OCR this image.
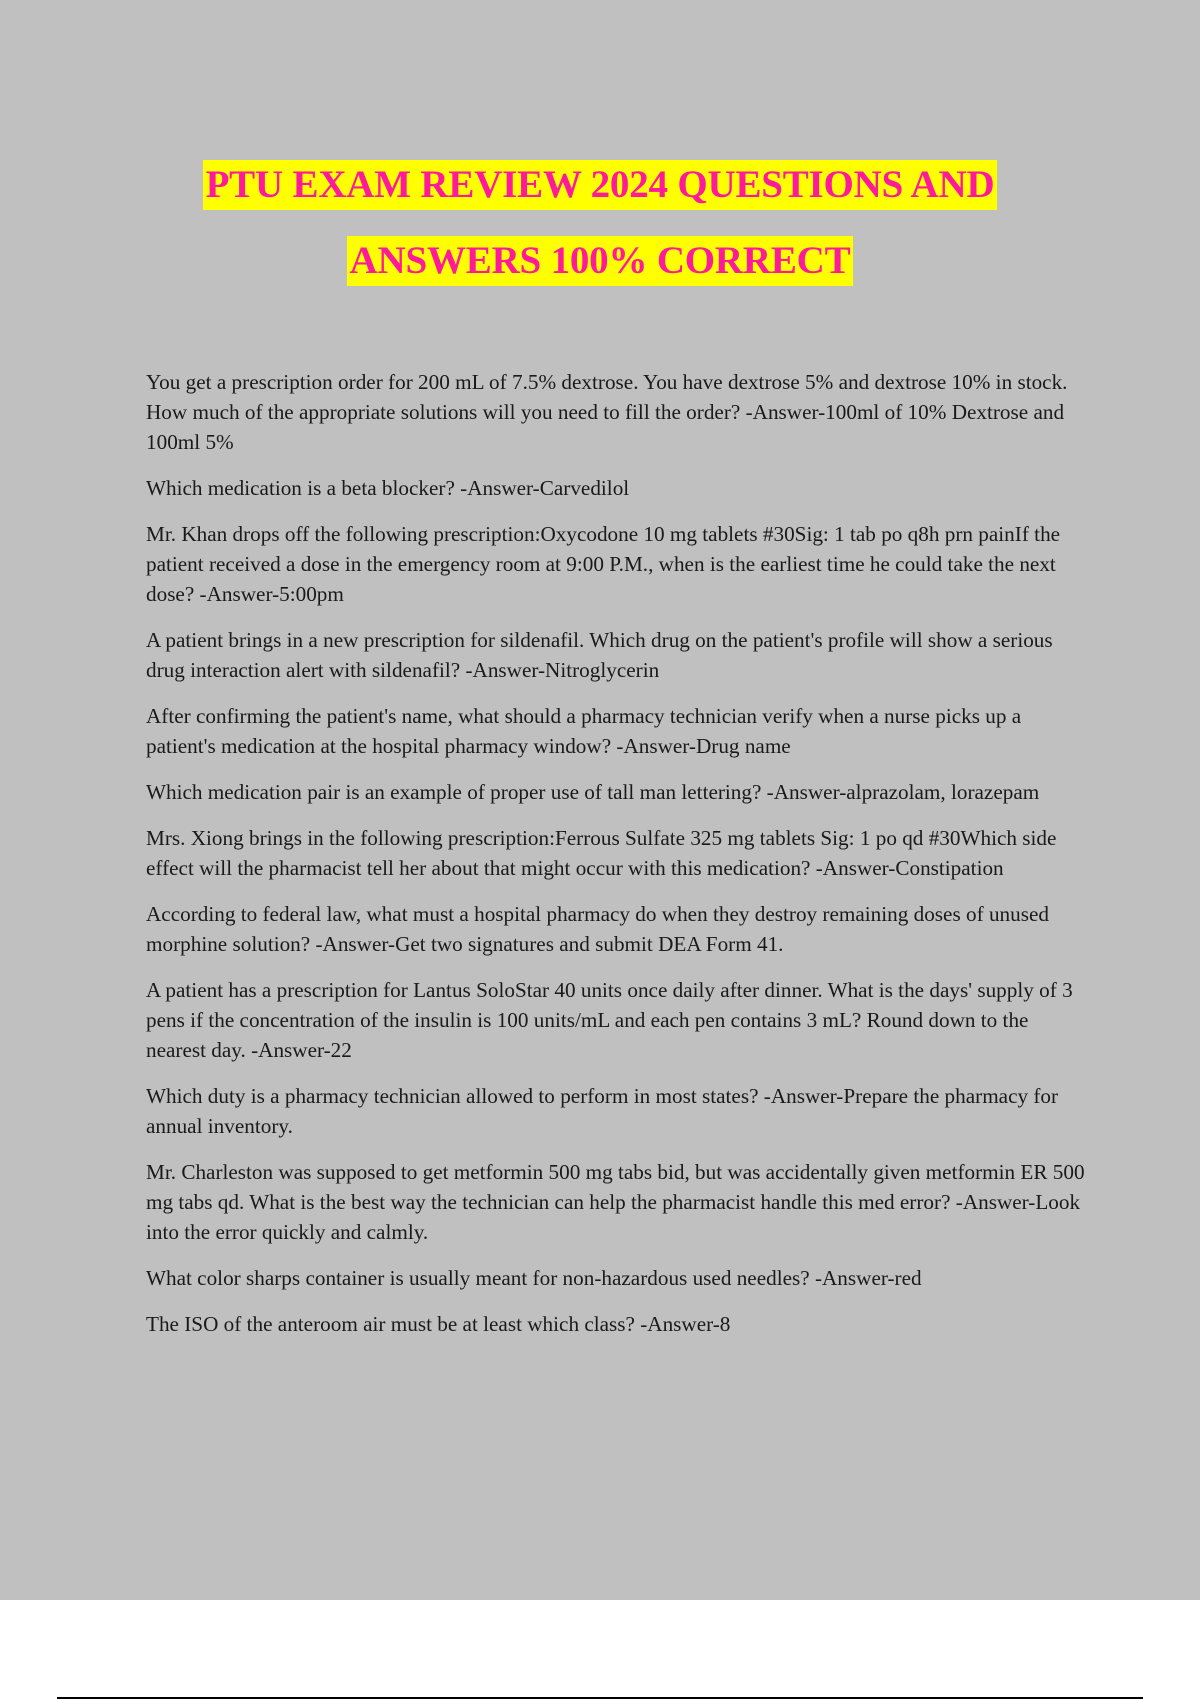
PTU EXAM REVIEW 2024 QUESTIONS AND
ANSWERS 100% CORRECT
You get a prescription order for 200 mL of 7.5% dextrose. You have dextrose 5% and dextrose 10% in stock. How much of the appropriate solutions will you need to fill the order? -Answer-100ml of 10% Dextrose and 100ml 5%
Which medication is a beta blocker? -Answer-Carvedilol
Mr. Khan drops off the following prescription:Oxycodone 10 mg tablets #30Sig: 1 tab po q8h prn painIf the patient received a dose in the emergency room at 9:00 P.M., when is the earliest time he could take the next dose? -Answer-5:00pm
A patient brings in a new prescription for sildenafil. Which drug on the patient's profile will show a serious drug interaction alert with sildenafil? -Answer-Nitroglycerin
After confirming the patient's name, what should a pharmacy technician verify when a nurse picks up a patient's medication at the hospital pharmacy window? -Answer-Drug name
Which medication pair is an example of proper use of tall man lettering? -Answer-alprazolam, lorazepam
Mrs. Xiong brings in the following prescription:Ferrous Sulfate 325 mg tablets Sig: 1 po qd #30Which side effect will the pharmacist tell her about that might occur with this medication? -Answer-Constipation
According to federal law, what must a hospital pharmacy do when they destroy remaining doses of unused morphine solution? -Answer-Get two signatures and submit DEA Form 41.
A patient has a prescription for Lantus SoloStar 40 units once daily after dinner. What is the days' supply of 3 pens if the concentration of the insulin is 100 units/mL and each pen contains 3 mL? Round down to the nearest day. -Answer-22
Which duty is a pharmacy technician allowed to perform in most states? -Answer-Prepare the pharmacy for annual inventory.
Mr. Charleston was supposed to get metformin 500 mg tabs bid, but was accidentally given metformin ER 500 mg tabs qd. What is the best way the technician can help the pharmacist handle this med error? -Answer-Look into the error quickly and calmly.
What color sharps container is usually meant for non-hazardous used needles? -Answer-red
The ISO of the anteroom air must be at least which class? -Answer-8
